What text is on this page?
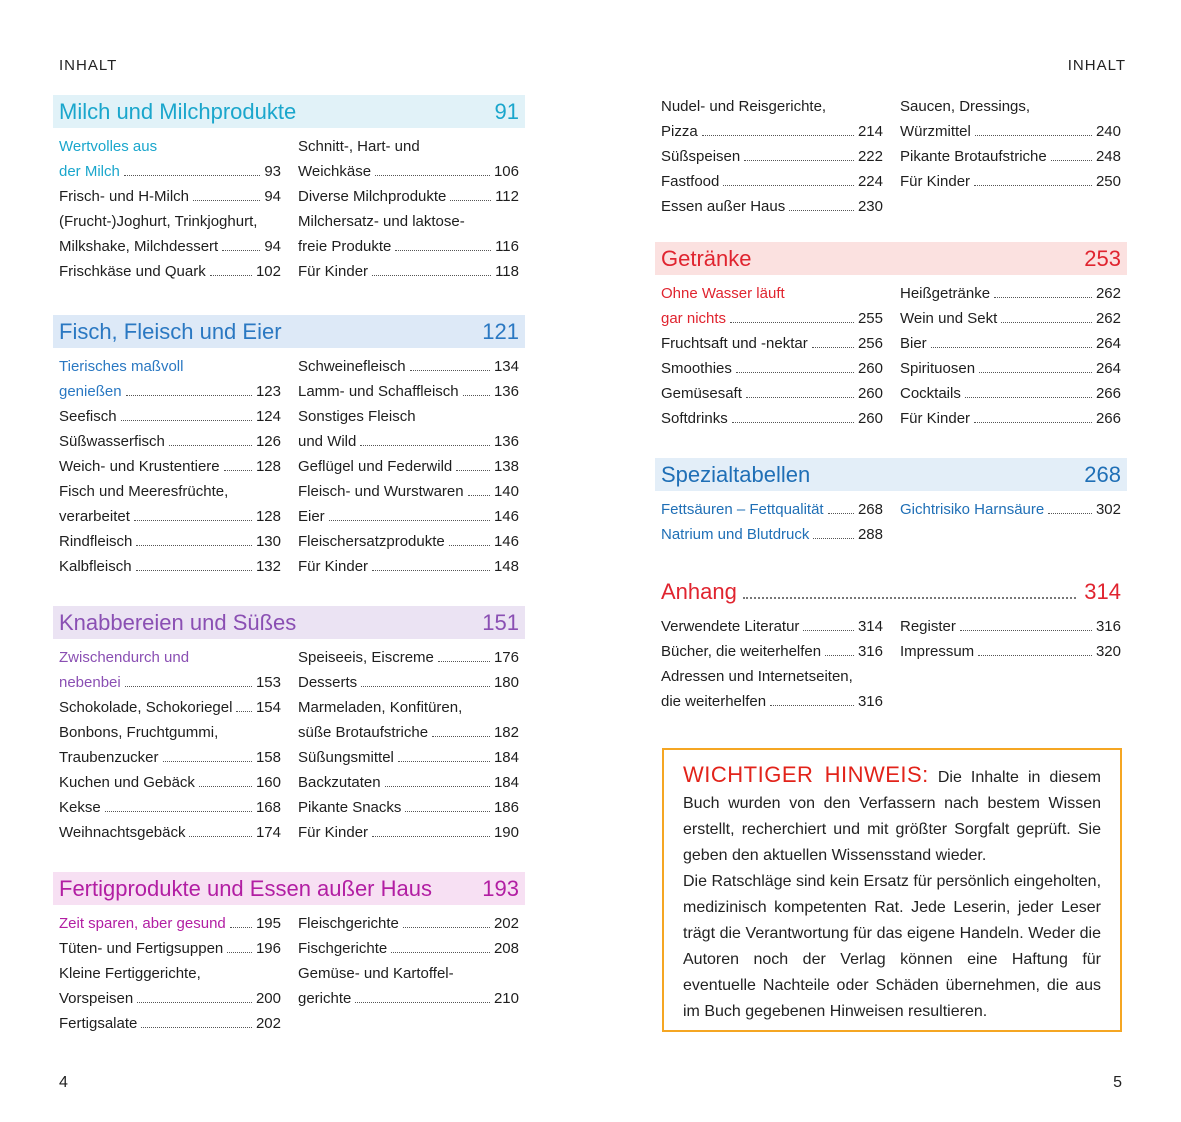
INHALT
Milch und Milchprodukte	91
Wertvolles aus
der Milch	93
Frisch- und H-Milch	94
(Frucht-)Joghurt, Trinkjoghurt,
Milkshake, Milchdessert	94
Frischkäse und Quark	102
Schnitt-, Hart- und
Weichkäse	106
Diverse Milchprodukte	112
Milchersatz- und laktose-
freie Produkte	116
Für Kinder	118
Fisch, Fleisch und Eier	121
Tierisches maßvoll
genießen	123
Seefisch	124
Süßwasserfisch	126
Weich- und Krustentiere 128
Fisch und Meeresfrüchte,
verarbeitet	128
Rindfleisch	130
Kalbfleisch	132
Schweinefleisch	134
Lamm- und Schaffleisch 136
Sonstiges Fleisch
und Wild	136
Geflügel und Federwild	138
Fleisch- und Wurstwaren 140
Eier	146
Fleischersatzprodukte	146
Für Kinder	148
Knabbereien und Süßes	151
Zwischendurch und
nebenbei	153
Schokolade, Schokoriegel 154
Bonbons, Fruchtgummi,
Traubenzucker	158
Kuchen und Gebäck	160
Kekse	168
Weihnachtsgebäck	174
Speiseeis, Eiscreme	176
Desserts	180
Marmeladen, Konfitüren,
süße Brotaufstriche	182
Süßungsmittel	184
Backzutaten	184
Pikante Snacks	186
Für Kinder	190
Fertigprodukte und Essen außer Haus 193
Zeit sparen, aber gesund 195
Tüten- und Fertigsuppen 196
Kleine Fertiggerichte,
Vorspeisen	200
Fertigsalate	202
Fleischgerichte	202
Fischgerichte	208
Gemüse- und Kartoffel-
gerichte	210
4
INHALT
Nudel- und Reisgerichte,
Pizza	214
Süßspeisen	222
Fastfood	224
Essen außer Haus	230
Saucen, Dressings,
Würzmittel	240
Pikante Brotaufstriche	248
Für Kinder	250
Getränke	253
Ohne Wasser läuft
gar nichts	255
Fruchtsaft und -nektar	256
Smoothies	260
Gemüsesaft	260
Softdrinks	260
Heißgetränke	262
Wein und Sekt	262
Bier	264
Spirituosen	264
Cocktails	266
Für Kinder	266
Spezialtabellen	268
Fettsäuren – Fettqualität 268
Natrium und Blutdruck	288
Gichtrisiko Harnsäure	302
Anhang	314
Verwendete Literatur	314
Bücher, die weiterhelfen 316
Adressen und Internetseiten,
die weiterhelfen	316
Register	316
Impressum	320
WICHTIGER HINWEIS: Die Inhalte in diesem Buch wurden von den Verfassern nach bestem Wissen erstellt, recherchiert und mit größter Sorgfalt geprüft. Sie geben den aktuellen Wissensstand wieder.
Die Ratschläge sind kein Ersatz für persönlich eingeholten, medizinisch kompetenten Rat. Jede Leserin, jeder Leser trägt die Verantwortung für das eigene Handeln. Weder die Autoren noch der Verlag können eine Haftung für eventuelle Nachteile oder Schäden übernehmen, die aus im Buch gegebenen Hinweisen resultieren.
5
